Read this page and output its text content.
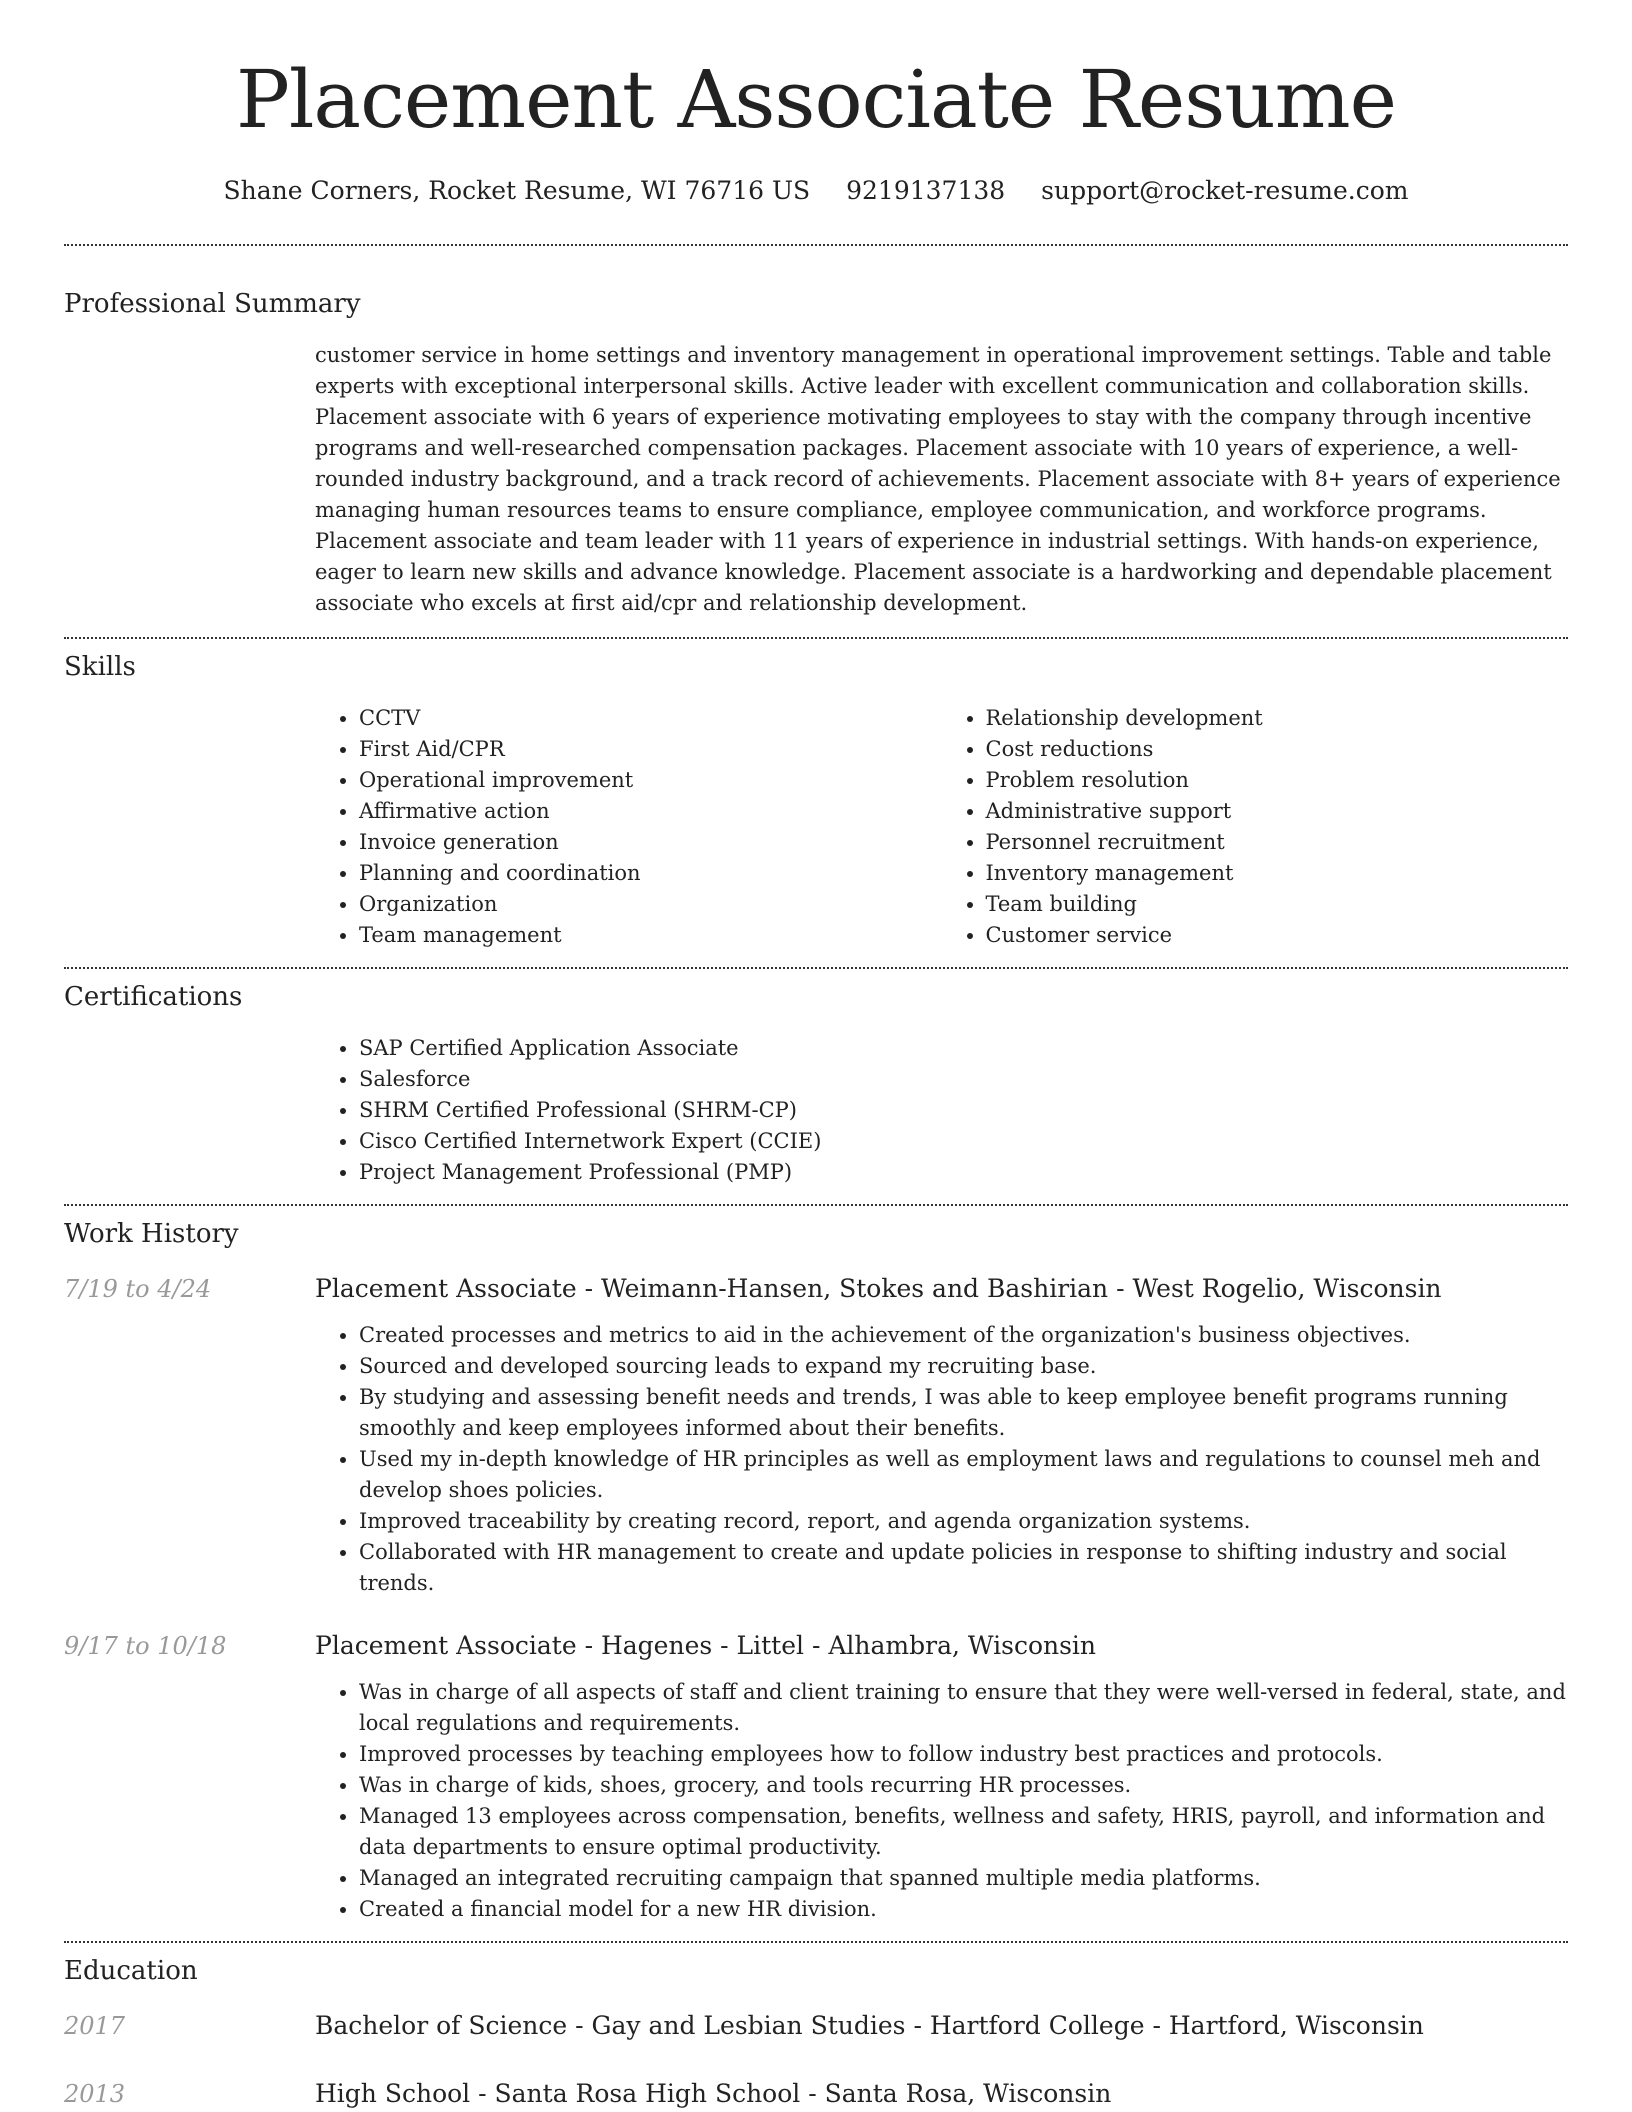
Placement Associate Resume
Shane Corners, Rocket Resume, WI 76716 US 9219137138 support@rocket-resume.com
Professional Summary

customer service in home settings and inventory management in operational improvement settings. Table and table experts with exceptional interpersonal skills. Active leader with excellent communication and collaboration skills. Placement associate with 6 years of experience motivating employees to stay with the company through incentive programs and well-researched compensation packages. Placement associate with 10 years of experience, a well-rounded industry background, and a track record of achievements. Placement associate with 8+ years of experience managing human resources teams to ensure compliance, employee communication, and workforce programs. Placement associate and team leader with 11 years of experience in industrial settings. With hands-on experience, eager to learn new skills and advance knowledge. Placement associate is a hardworking and dependable placement associate who excels at first aid/cpr and relationship development.

Skills
• CCTV
• First Aid/CPR
• Operational improvement
• Affirmative action
• Invoice generation
• Planning and coordination
• Organization
• Team management
• Relationship development
• Cost reductions
• Problem resolution
• Administrative support
• Personnel recruitment
• Inventory management
• Team building
• Customer service
Certifications
• SAP Certified Application Associate
• Salesforce
• SHRM Certified Professional (SHRM-CP)
• Cisco Certified Internetwork Expert (CCIE)
• Project Management Professional (PMP)
Work History
7/19 to 4/24	Placement Associate - Weimann-Hansen, Stokes and Bashirian - West Rogelio, Wisconsin

• Created processes and metrics to aid in the achievement of the organization's business objectives.
• Sourced and developed sourcing leads to expand my recruiting base.
• By studying and assessing benefit needs and trends, I was able to keep employee benefit programs running smoothly and keep employees informed about their benefits.
• Used my in-depth knowledge of HR principles as well as employment laws and regulations to counsel meh and develop shoes policies.
• Improved traceability by creating record, report, and agenda organization systems.
• Collaborated with HR management to create and update policies in response to shifting industry and social trends.
9/17 to 10/18	Placement Associate - Hagenes - Littel - Alhambra, Wisconsin

• Was in charge of all aspects of staff and client training to ensure that they were well-versed in federal, state, and local regulations and requirements.
• Improved processes by teaching employees how to follow industry best practices and protocols.
• Was in charge of kids, shoes, grocery, and tools recurring HR processes.
• Managed 13 employees across compensation, benefits, wellness and safety, HRIS, payroll, and information and data departments to ensure optimal productivity.
• Managed an integrated recruiting campaign that spanned multiple media platforms.
• Created a financial model for a new HR division.
Education
2017	Bachelor of Science - Gay and Lesbian Studies - Hartford College - Hartford, Wisconsin

2013	High School - Santa Rosa High School - Santa Rosa, Wisconsin
